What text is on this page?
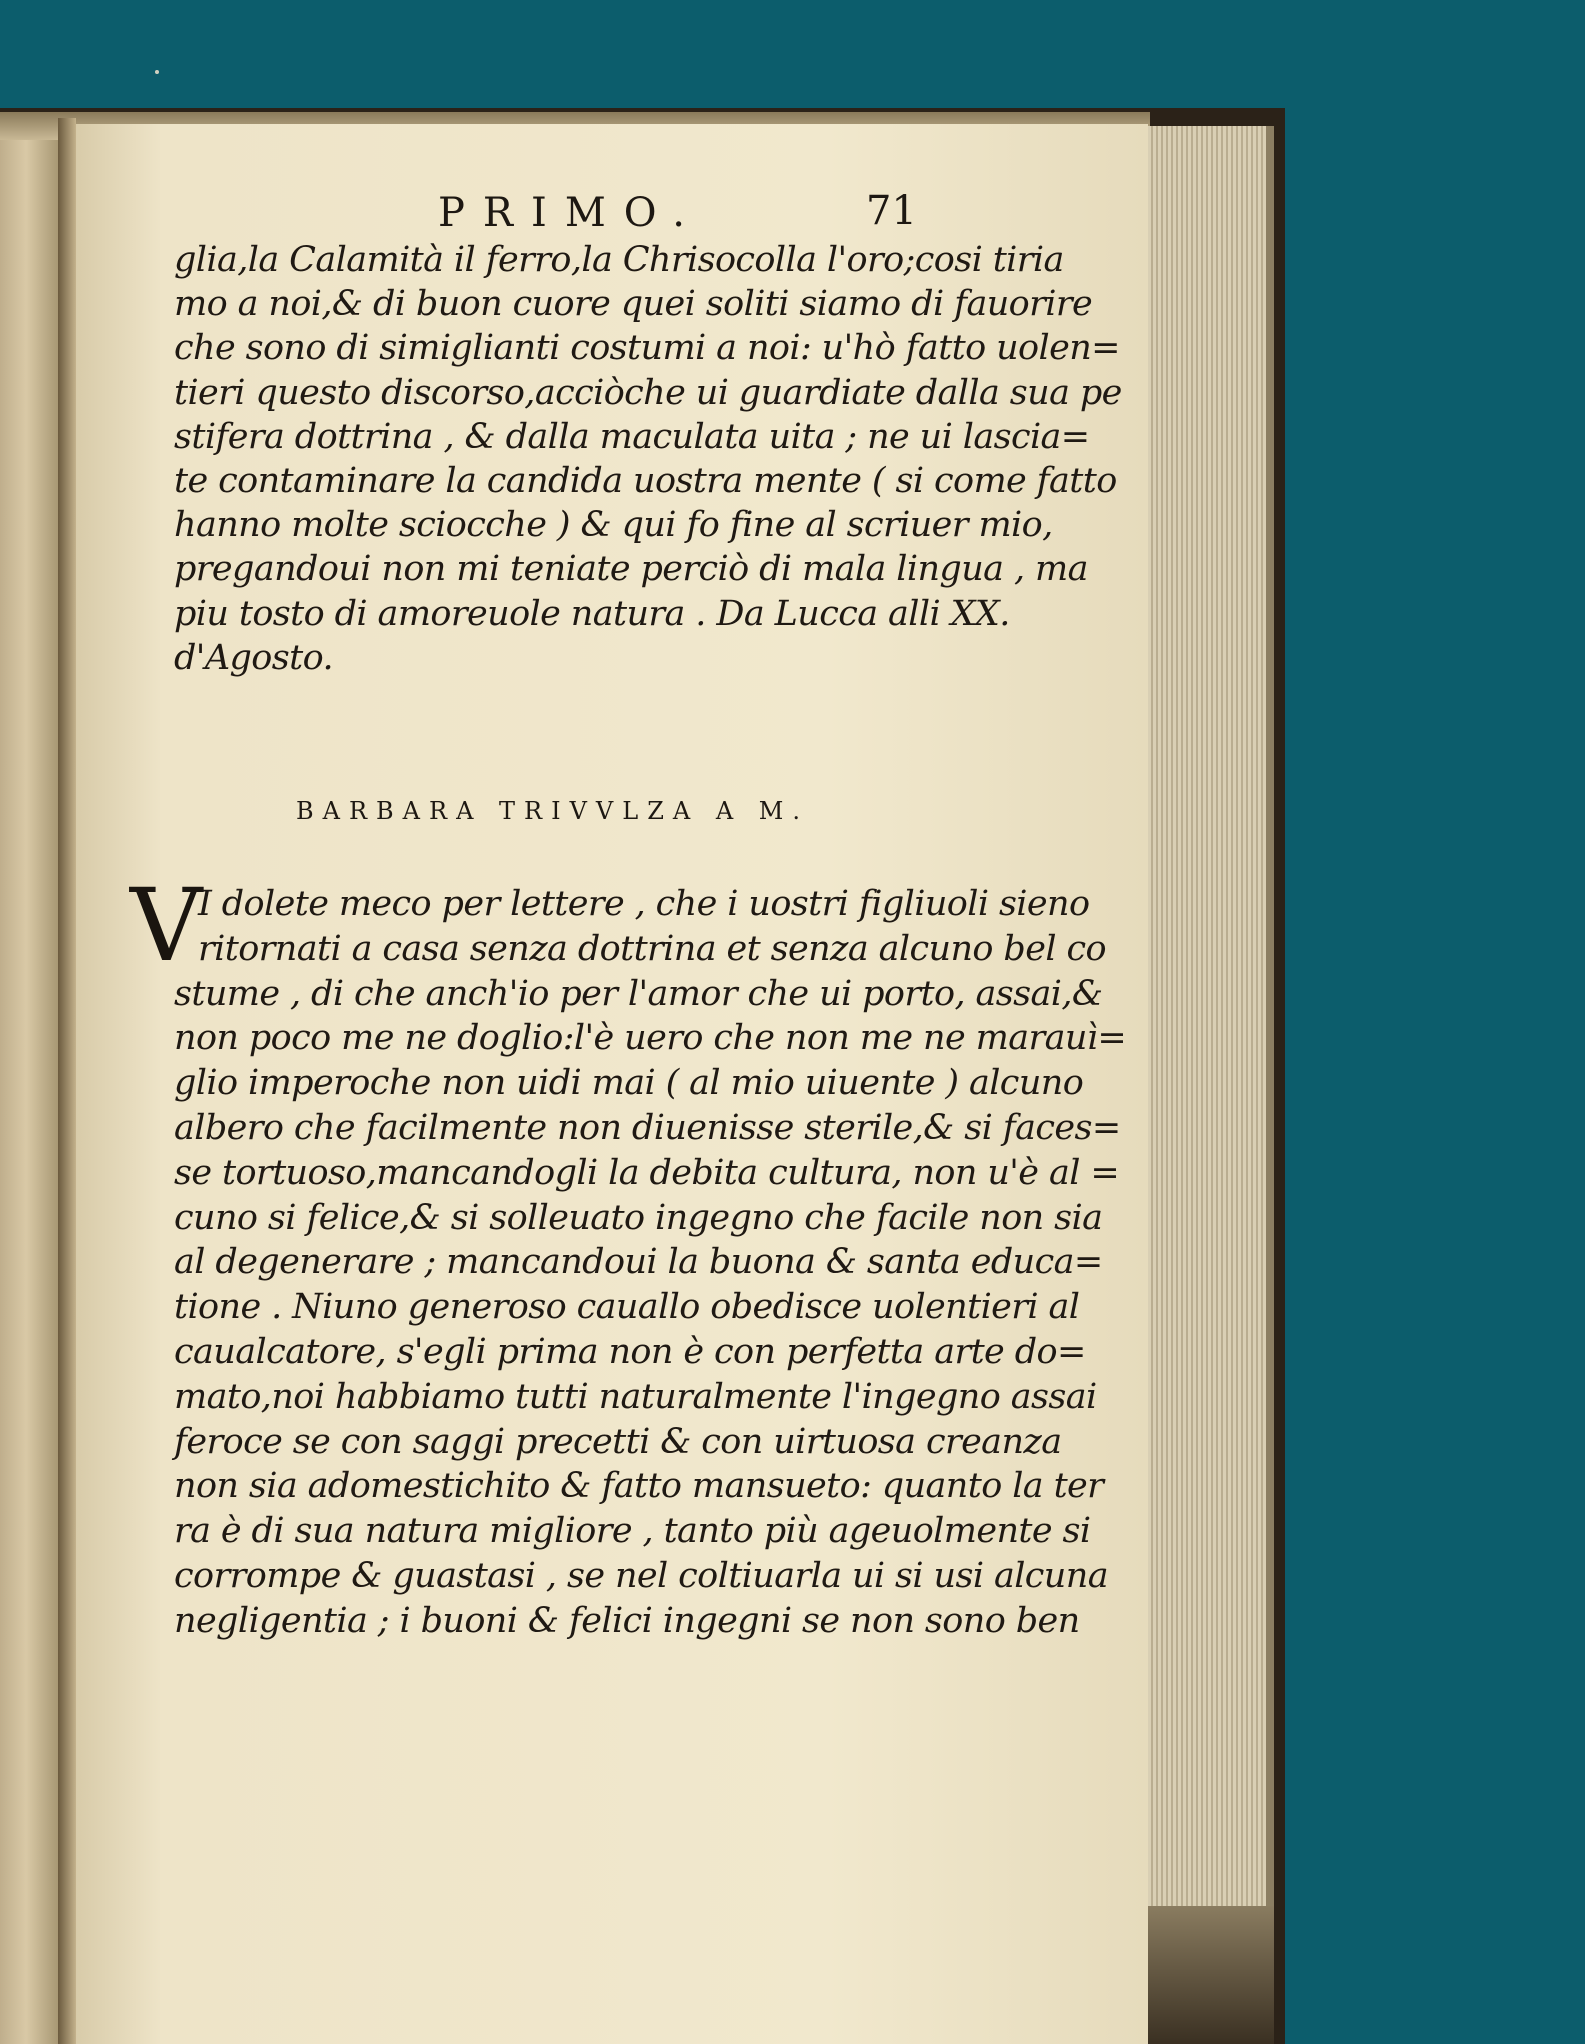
PRIMO.	71
glia,la Calamità il ferro,la Chrisocolla l'oro;cosi tiria
mo a noi,& di buon cuore quei soliti siamo di fauorire
che sono di simiglianti costumi a noi: u'hò fatto uolen=
tieri questo discorso,acciòche ui guardiate dalla sua pe
stifera dottrina , & dalla maculata uita ; ne ui lascia=
te contaminare la candida uostra mente ( si come fatto
hanno molte sciocche ) & qui fo fine al scriuer mio,
pregandoui non mi teniate perciò di mala lingua , ma
piu tosto di amoreuole natura . Da Lucca alli XX.
d'Agosto.
BARBARA TRIVVLZA A M.
V
I dolete meco per lettere , che i uostri figliuoli sieno
ritornati a casa senza dottrina et senza alcuno bel co
stume , di che anch'io per l'amor che ui porto, assai,&
non poco me ne doglio:l'è uero che non me ne marauì=
glio imperoche non uidi mai ( al mio uiuente ) alcuno
albero che facilmente non diuenisse sterile,& si faces=
se tortuoso,mancandogli la debita cultura, non u'è al =
cuno si felice,& si solleuato ingegno che facile non sia
al degenerare ; mancandoui la buona & santa educa=
tione . Niuno generoso cauallo obedisce uolentieri al
caualcatore, s'egli prima non è con perfetta arte do=
mato,noi habbiamo tutti naturalmente l'ingegno assai
feroce se con saggi precetti & con uirtuosa creanza
non sia adomestichito & fatto mansueto: quanto la ter
ra è di sua natura migliore , tanto più ageuolmente si
corrompe & guastasi , se nel coltiuarla ui si usi alcuna
negligentia ; i buoni & felici ingegni se non sono ben
